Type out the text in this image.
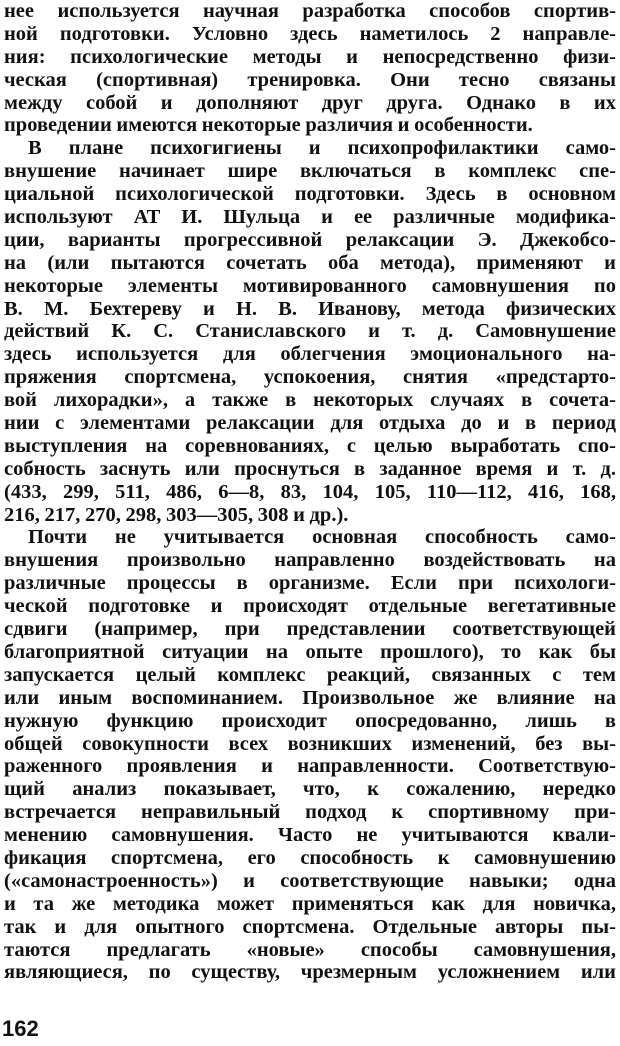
нее используется научная разработка способов спортив-
ной подготовки. Условно здесь наметилось 2 направле-
ния: психологические методы и непосредственно физи-
ческая (спортивная) тренировка. Они тесно связаны
между собой и дополняют друг друга. Однако в их
проведении имеются некоторые различия и особенности.
В плане психогигиены и психопрофилактики само-
внушение начинает шире включаться в комплекс спе-
циальной психологической подготовки. Здесь в основном
используют АТ И. Шульца и ее различные модифика-
ции, варианты прогрессивной релаксации Э. Джекобсо-
на (или пытаются сочетать оба метода), применяют и
некоторые элементы мотивированного самовнушения по
В. М. Бехтереву и Н. В. Иванову, метода физических
действий К. С. Станиславского и т. д. Самовнушение
здесь используется для облегчения эмоционального на-
пряжения спортсмена, успокоения, снятия «предстарто-
вой лихорадки», а также в некоторых случаях в сочета-
нии с элементами релаксации для отдыха до и в период
выступления на соревнованиях, с целью выработать спо-
собность заснуть или проснуться в заданное время и т. д.
(433, 299, 511, 486, 6—8, 83, 104, 105, 110—112, 416, 168,
216, 217, 270, 298, 303—305, 308 и др.).
Почти не учитывается основная способность само-
внушения произвольно направленно воздействовать на
различные процессы в организме. Если при психологи-
ческой подготовке и происходят отдельные вегетативные
сдвиги (например, при представлении соответствующей
благоприятной ситуации на опыте прошлого), то как бы
запускается целый комплекс реакций, связанных с тем
или иным воспоминанием. Произвольное же влияние на
нужную функцию происходит опосредованно, лишь в
общей совокупности всех возникших изменений, без вы-
раженного проявления и направленности. Соответствую-
щий анализ показывает, что, к сожалению, нередко
встречается неправильный подход к спортивному при-
менению самовнушения. Часто не учитываются квали-
фикация спортсмена, его способность к самовнушению
(«самонастроенность») и соответствующие навыки; одна
и та же методика может применяться как для новичка,
так и для опытного спортсмена. Отдельные авторы пы-
таются предлагать «новые» способы самовнушения,
являющиеся, по существу, чрезмерным усложнением или
162
